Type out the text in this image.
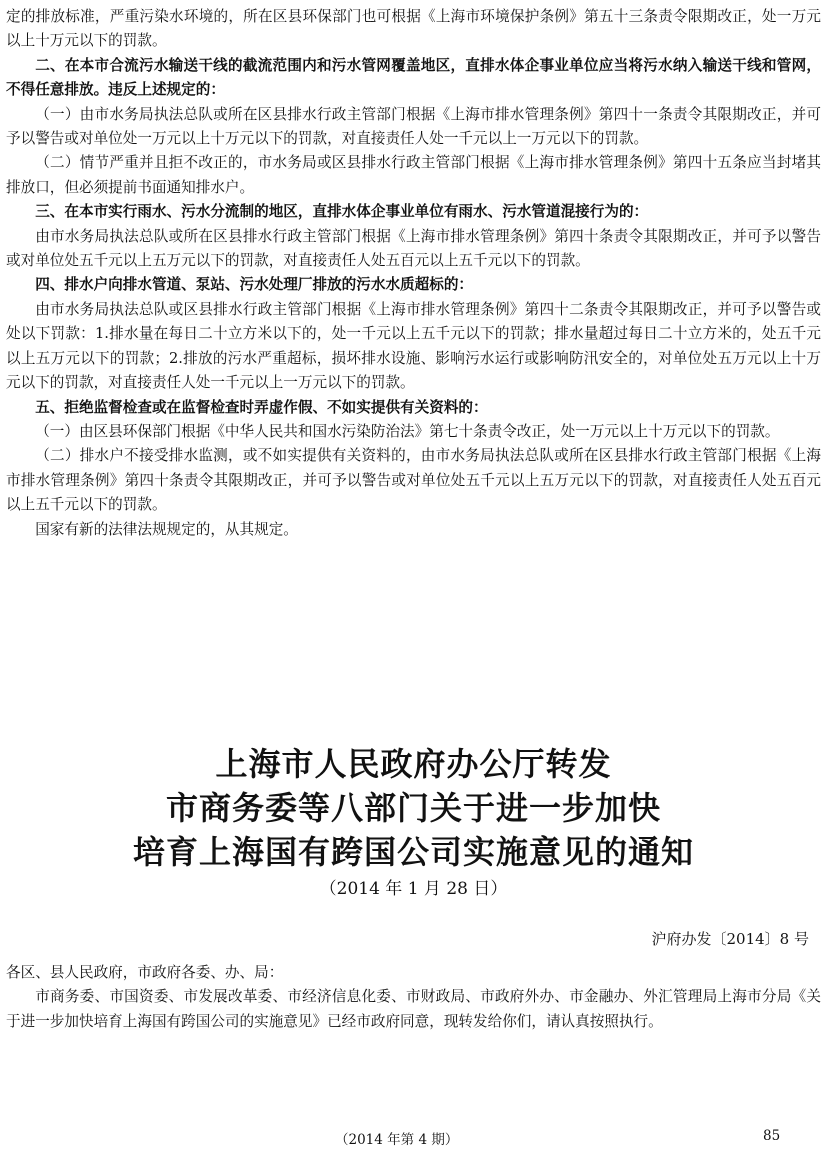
定的排放标准，严重污染水环境的，所在区县环保部门也可根据《上海市环境保护条例》第五十三条责令限期改正，处一万元以上十万元以下的罚款。

二、在本市合流污水输送干线的截流范围内和污水管网覆盖地区，直排水体企事业单位应当将污水纳入输送干线和管网，不得任意排放。违反上述规定的：

（一）由市水务局执法总队或所在区县排水行政主管部门根据《上海市排水管理条例》第四十一条责令其限期改正，并可予以警告或对单位处一万元以上十万元以下的罚款，对直接责任人处一千元以上一万元以下的罚款。

（二）情节严重并且拒不改正的，市水务局或区县排水行政主管部门根据《上海市排水管理条例》第四十五条应当封堵其排放口，但必须提前书面通知排水户。

三、在本市实行雨水、污水分流制的地区，直排水体企事业单位有雨水、污水管道混接行为的：

由市水务局执法总队或所在区县排水行政主管部门根据《上海市排水管理条例》第四十条责令其限期改正，并可予以警告或对单位处五千元以上五万元以下的罚款，对直接责任人处五百元以上五千元以下的罚款。

四、排水户向排水管道、泵站、污水处理厂排放的污水水质超标的：

由市水务局执法总队或区县排水行政主管部门根据《上海市排水管理条例》第四十二条责令其限期改正，并可予以警告或处以下罚款：1.排水量在每日二十立方米以下的，处一千元以上五千元以下的罚款；排水量超过每日二十立方米的，处五千元以上五万元以下的罚款；2.排放的污水严重超标，损坏排水设施、影响污水运行或影响防汛安全的，对单位处五万元以上十万元以下的罚款，对直接责任人处一千元以上一万元以下的罚款。

五、拒绝监督检查或在监督检查时弄虚作假、不如实提供有关资料的：

（一）由区县环保部门根据《中华人民共和国水污染防治法》第七十条责令改正，处一万元以上十万元以下的罚款。

（二）排水户不接受排水监测，或不如实提供有关资料的，由市水务局执法总队或所在区县排水行政主管部门根据《上海市排水管理条例》第四十条责令其限期改正，并可予以警告或对单位处五千元以上五万元以下的罚款，对直接责任人处五百元以上五千元以下的罚款。

国家有新的法律法规规定的，从其规定。

上海市人民政府办公厅转发
市商务委等八部门关于进一步加快
培育上海国有跨国公司实施意见的通知
（2014 年 1 月 28 日）
沪府办发〔2014〕8 号

各区、县人民政府，市政府各委、办、局：

市商务委、市国资委、市发展改革委、市经济信息化委、市财政局、市政府外办、市金融办、外汇管理局上海市分局《关于进一步加快培育上海国有跨国公司的实施意见》已经市政府同意，现转发给你们，请认真按照执行。

（2014 年第 4 期）	85
